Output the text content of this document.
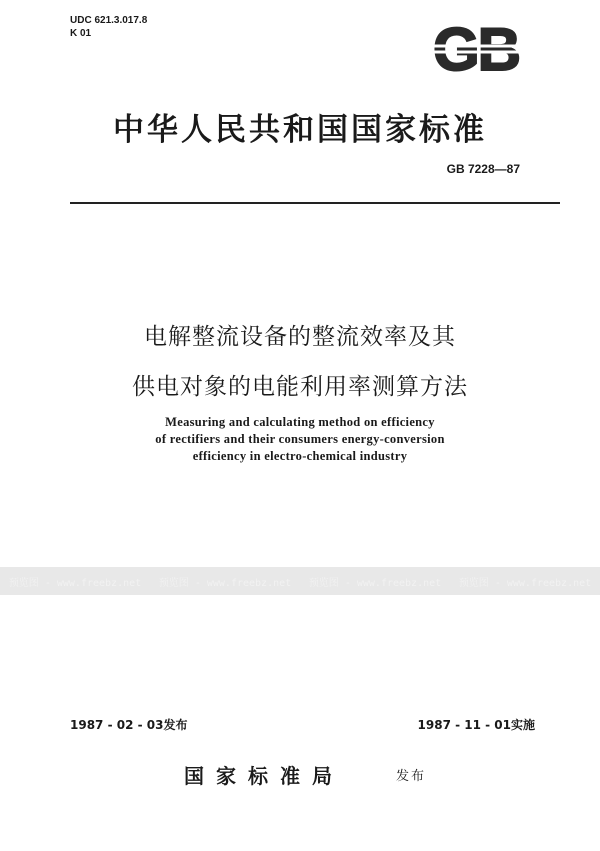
UDC 621.3.017.8
K 01	GB
中华人民共和国国家标准
GB 7228—87
电解整流设备的整流效率及其
供电对象的电能利用率测算方法
Measuring and calculating method on efficiency
of rectifiers and their consumers energy-conversion
efficiency in electro-chemical industry
预览图 - www.freebz.net 预览图 - www.freebz.net 预览图 - www.freebz.net 预览图 - www.freebz.net
1987 - 02 - 03发布	1987 - 11 - 01实施
国家标准局	发布
